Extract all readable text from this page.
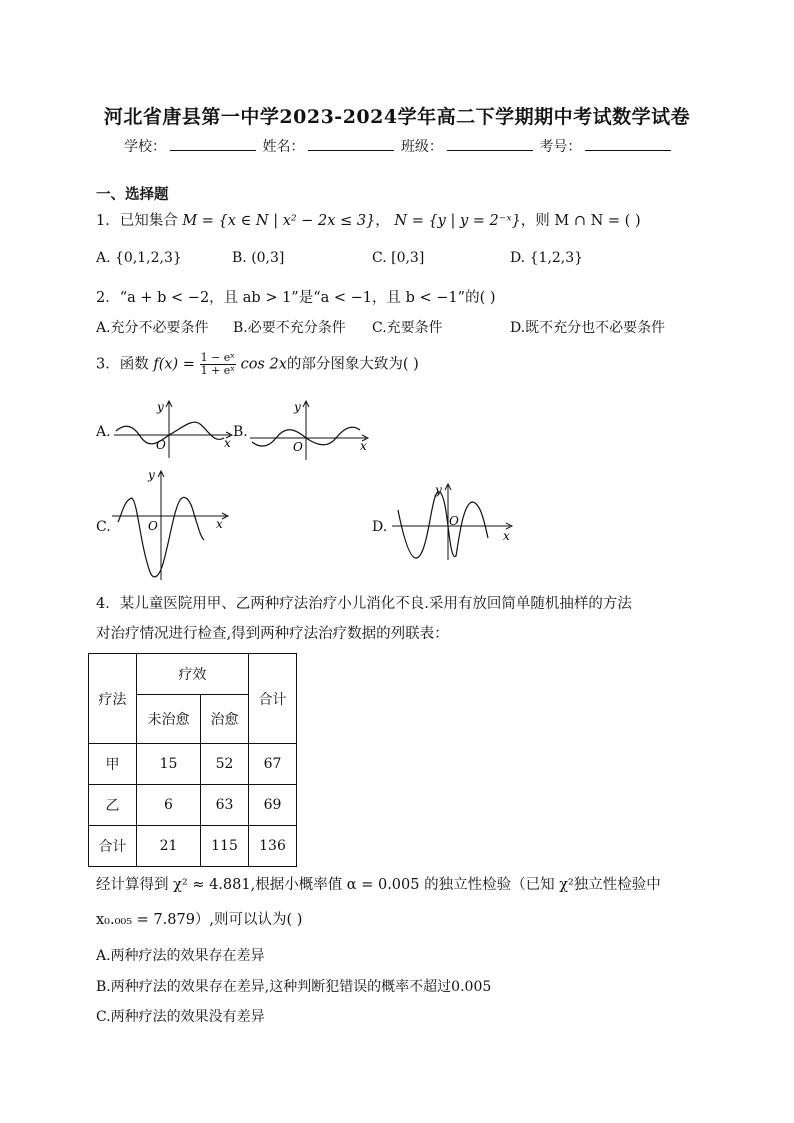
河北省唐县第一中学2023-2024学年高二下学期期中考试数学试卷
学校：	姓名：	班级：	考号：
一、选择题
1．已知集合 M = {x ∈ N | x² − 2x ≤ 3}， N = {y | y = 2⁻ˣ}，则 M ∩ N = ( )
A. {0,1,2,3}	B. (0,3]	C. [0,3]	D. {1,2,3}
2．“a + b < −2，且 ab > 1”是“a < −1，且 b < −1”的( )
A.充分不必要条件 B.必要不充分条件 C.充要条件	D.既不充分也不必要条件
3．函数 $f(x) = \frac{\text{1 − eˣ}}{\text{1 + eˣ}}$ cos 2x的部分图象大致为( )
A.
y
x
O
B.
y
x
O
C.
y
x
O	D.
y
x
O
4．某儿童医院用甲、乙两种疗法治疗小儿消化不良.采用有放回简单随机抽样的方法
对治疗情况进行检查,得到两种疗法治疗数据的列联表：
疗法	疗效		合计
	未治愈	治愈	
甲	15	52	67
乙	6	63	69
合计	21	115	136
经计算得到 χ² ≈ 4.881,根据小概率值 α = 0.005 的独立性检验（已知 χ²独立性检验中
x₀.₀₀₅ = 7.879）,则可以认为( )
A.两种疗法的效果存在差异
B.两种疗法的效果存在差异,这种判断犯错误的概率不超过0.005
C.两种疗法的效果没有差异
